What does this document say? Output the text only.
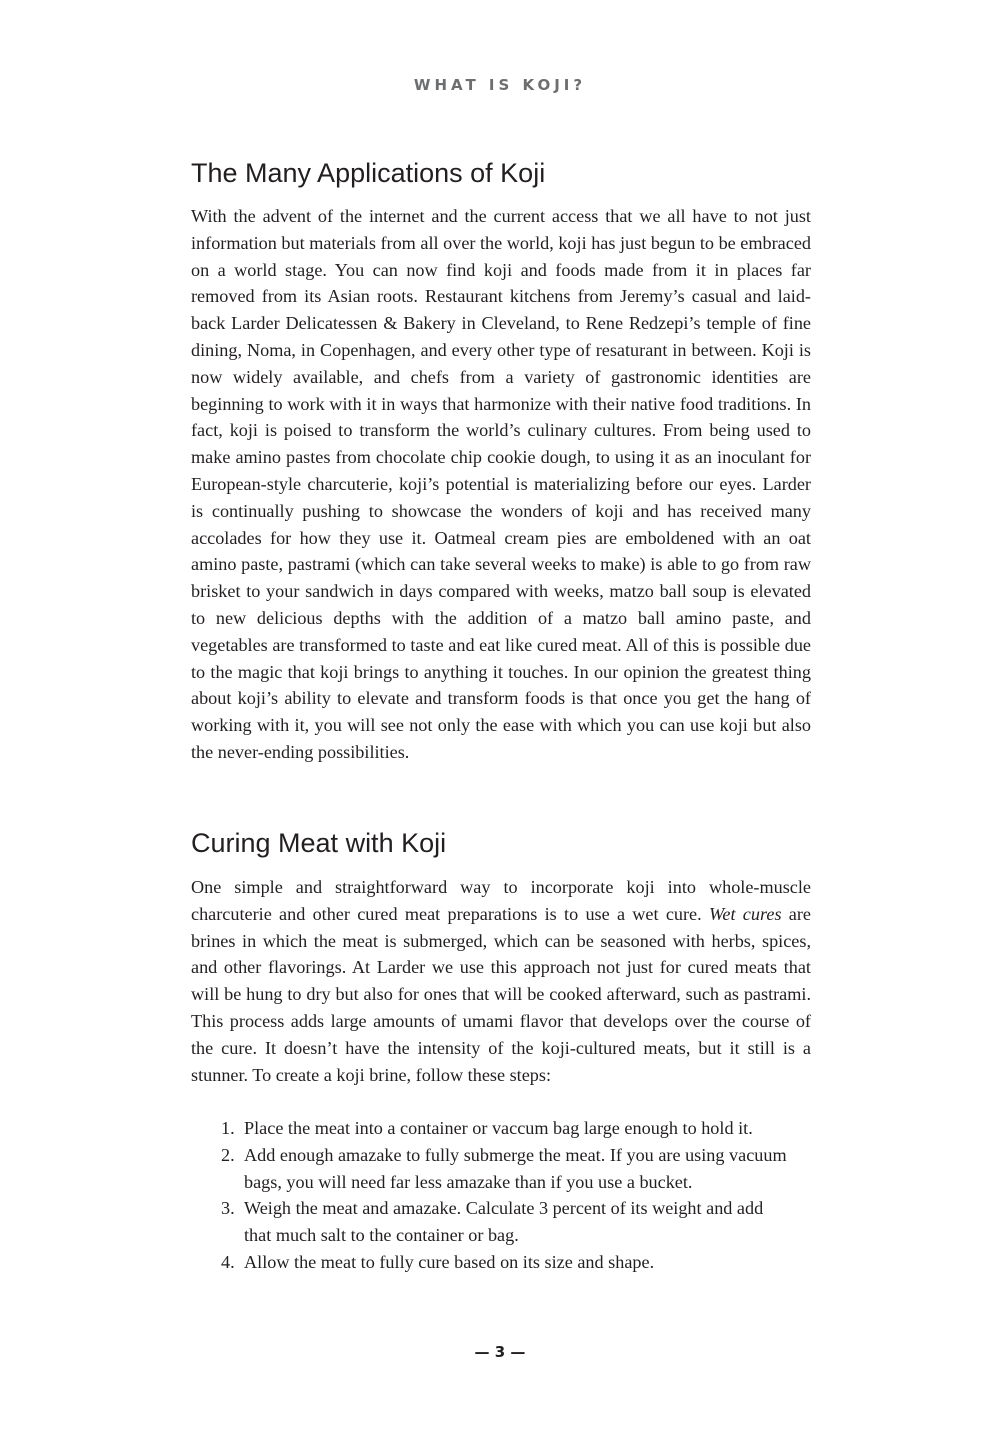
WHAT IS KOJI?
The Many Applications of Koji

With the advent of the internet and the current access that we all have to not just information but materials from all over the world, koji has just begun to be embraced on a world stage. You can now find koji and foods made from it in places far removed from its Asian roots. Restaurant kitchens from Jeremy’s casual and laid-back Larder Delicatessen & Bakery in Cleveland, to Rene Redzepi’s temple of fine dining, Noma, in Copenhagen, and every other type of resaturant in between. Koji is now widely available, and chefs from a variety of gastronomic identities are beginning to work with it in ways that harmonize with their native food traditions. In fact, koji is poised to transform the world’s culinary cultures. From being used to make amino pastes from chocolate chip cookie dough, to using it as an inoculant for European-style charcuterie, koji’s potential is materializing before our eyes. Larder is continually pushing to showcase the wonders of koji and has received many accolades for how they use it. Oatmeal cream pies are emboldened with an oat amino paste, pastrami (which can take several weeks to make) is able to go from raw brisket to your sandwich in days compared with weeks, matzo ball soup is elevated to new delicious depths with the addition of a matzo ball amino paste, and vegetables are transformed to taste and eat like cured meat. All of this is possible due to the magic that koji brings to anything it touches. In our opinion the greatest thing about koji’s ability to elevate and transform foods is that once you get the hang of working with it, you will see not only the ease with which you can use koji but also the never-ending possibilities.

Curing Meat with Koji

One simple and straightforward way to incorporate koji into whole-muscle charcuterie and other cured meat preparations is to use a wet cure. Wet cures are brines in which the meat is submerged, which can be seasoned with herbs, spices, and other flavorings. At Larder we use this approach not just for cured meats that will be hung to dry but also for ones that will be cooked afterward, such as pastrami. This process adds large amounts of umami flavor that develops over the course of the cure. It doesn’t have the intensity of the koji-cultured meats, but it still is a stunner. To create a koji brine, follow these steps:

1. Place the meat into a container or vaccum bag large enough to hold it.
2. Add enough amazake to fully submerge the meat. If you are using vacuum bags, you will need far less amazake than if you use a bucket.
3. Weigh the meat and amazake. Calculate 3 percent of its weight and add that much salt to the container or bag.
4. Allow the meat to fully cure based on its size and shape.
— 3 —
